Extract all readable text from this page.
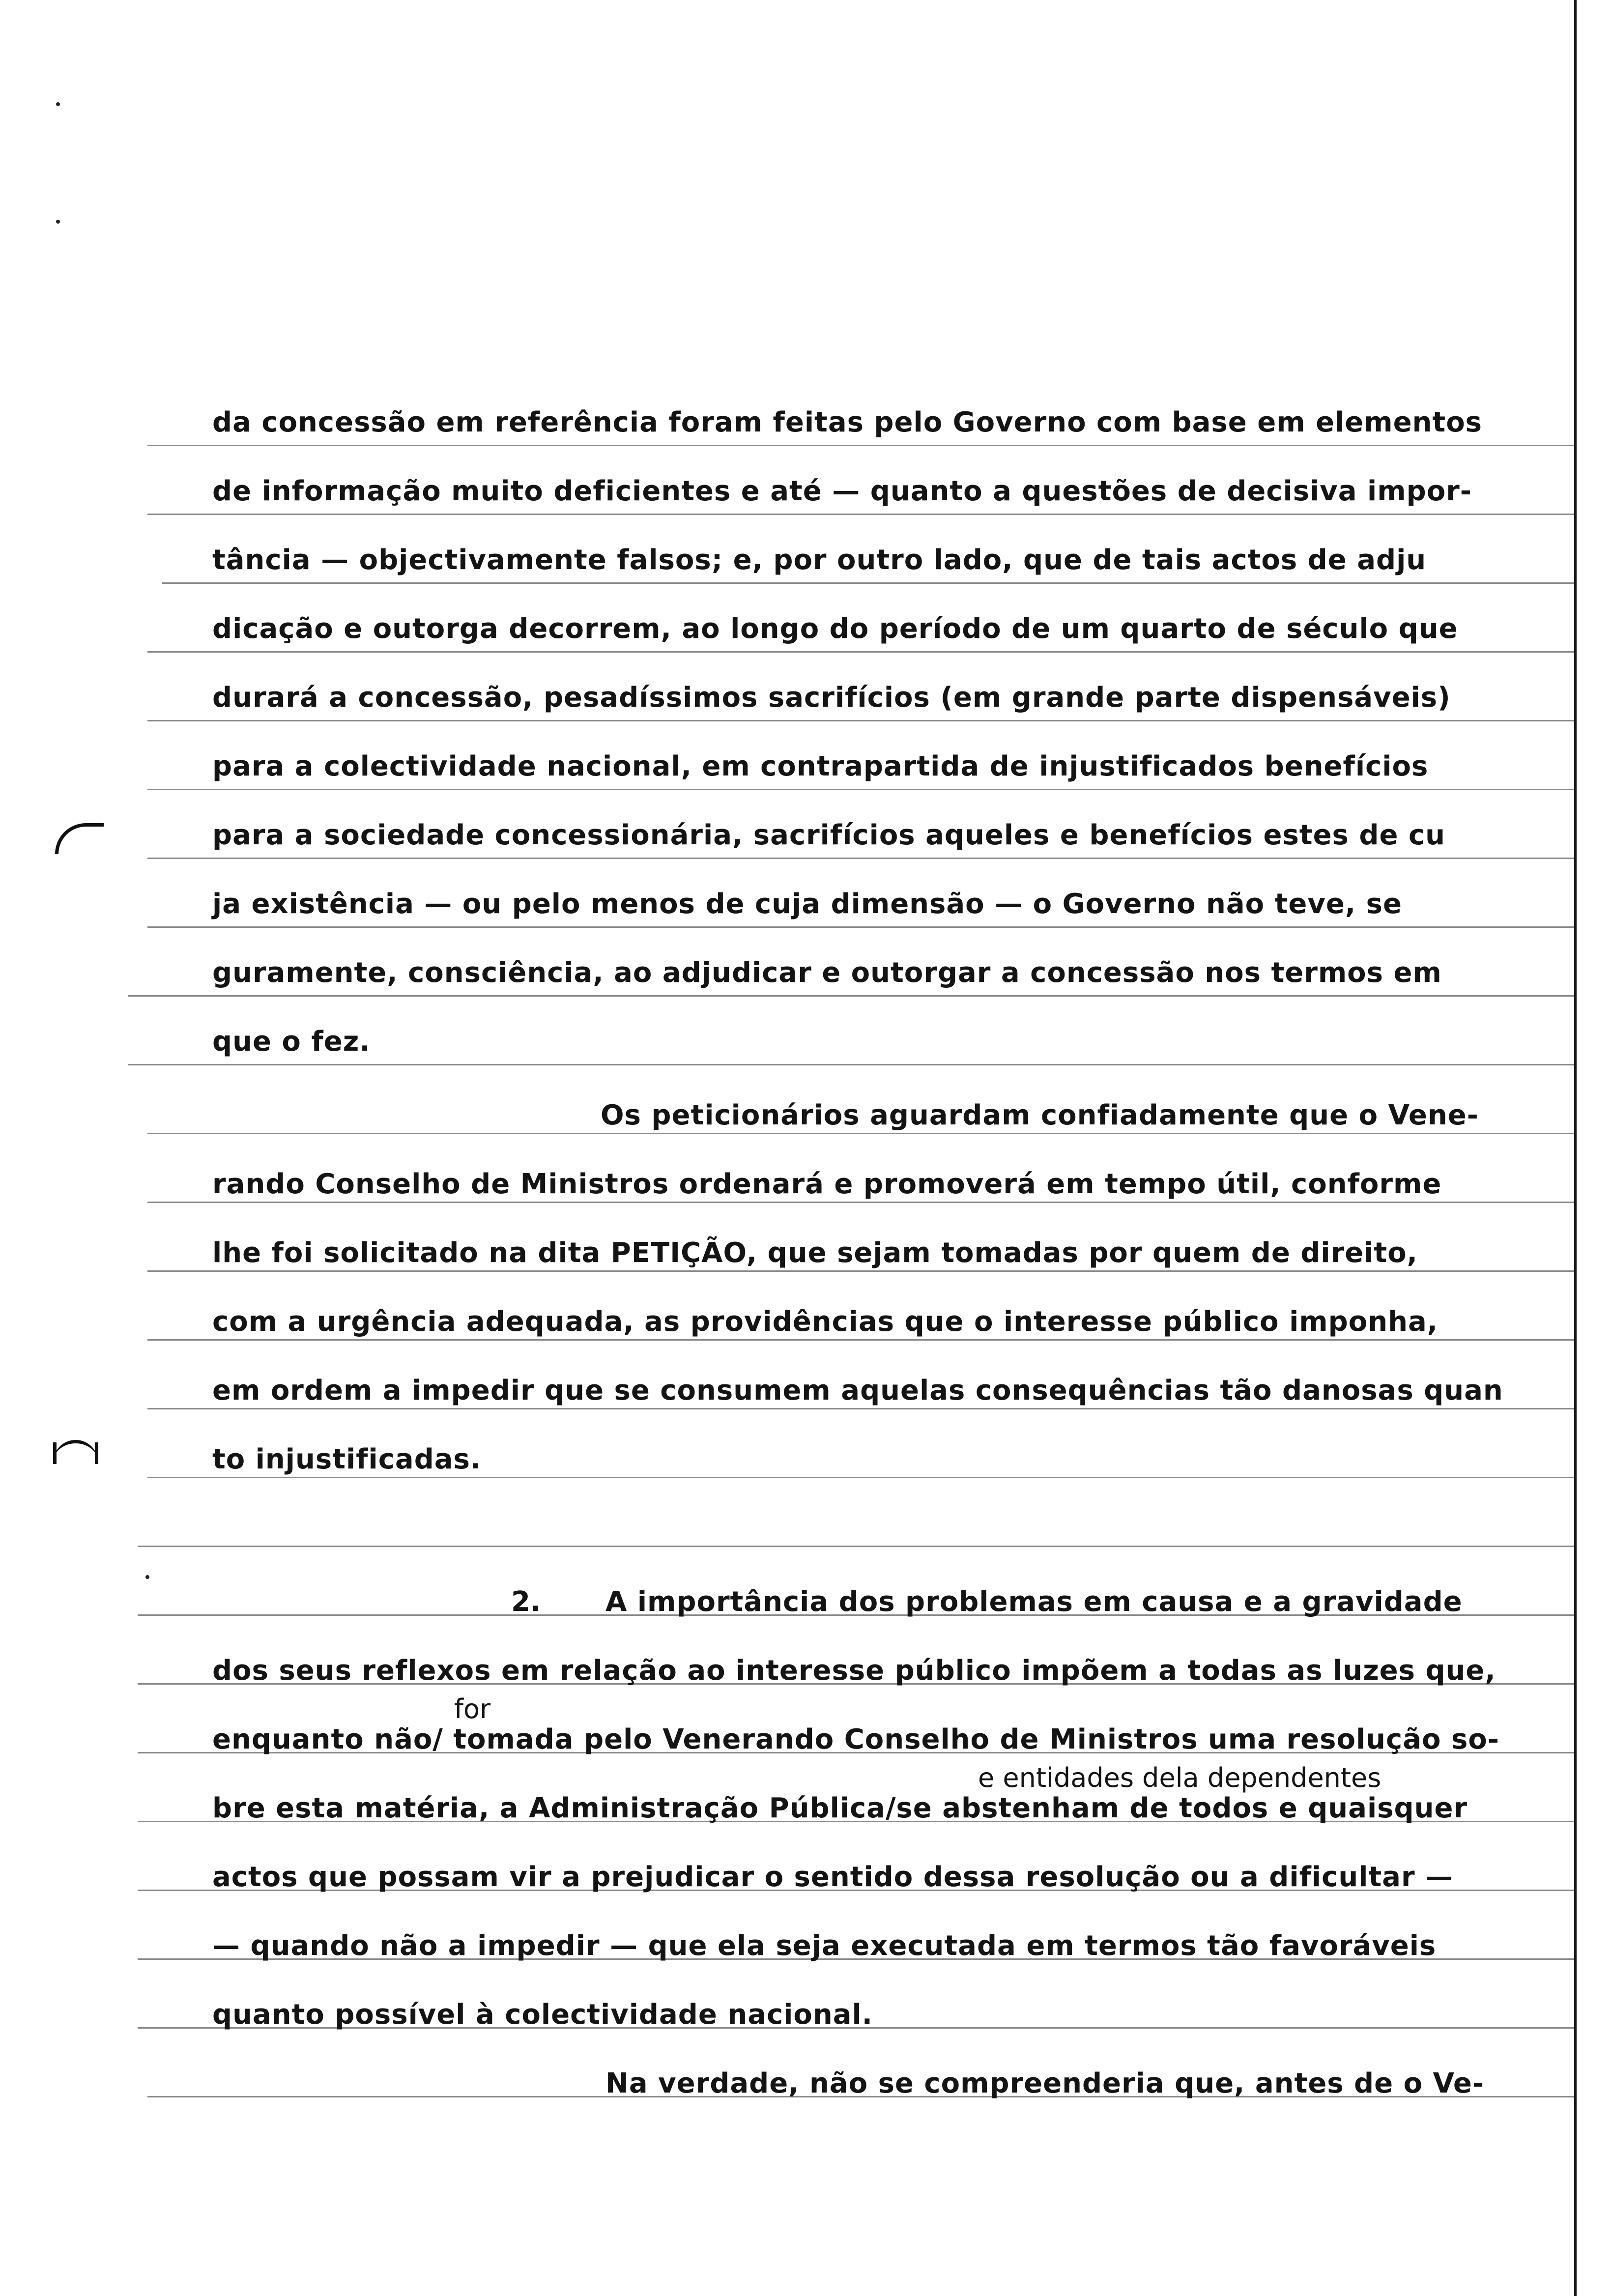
da concessão em referência foram feitas pelo Governo com base em elementos
de informação muito deficientes e até — quanto a questões de decisiva impor-
tância — objectivamente falsos; e, por outro lado, que de tais actos de adju
dicação e outorga decorrem, ao longo do período de um quarto de século que
durará a concessão, pesadíssimos sacrifícios (em grande parte dispensáveis)
para a colectividade nacional, em contrapartida de injustificados benefícios
para a sociedade concessionária, sacrifícios aqueles e benefícios estes de cu
ja existência — ou pelo menos de cuja dimensão — o Governo não teve, se
guramente, consciência, ao adjudicar e outorgar a concessão nos termos em
que o fez.
Os peticionários aguardam confiadamente que o Vene-
rando Conselho de Ministros ordenará e promoverá em tempo útil, conforme
lhe foi solicitado na dita PETIÇÃO, que sejam tomadas por quem de direito,
com a urgência adequada, as providências que o interesse público imponha,
em ordem a impedir que se consumem aquelas consequências tão danosas quan
to injustificadas.
2. A importância dos problemas em causa e a gravidade
dos seus reflexos em relação ao interesse público impõem a todas as luzes que,
for
enquanto não/ tomada pelo Venerando Conselho de Ministros uma resolução so-
e entidades dela dependentes
bre esta matéria, a Administração Pública/se abstenham de todos e quaisquer
actos que possam vir a prejudicar o sentido dessa resolução ou a dificultar —
— quando não a impedir — que ela seja executada em termos tão favoráveis
quanto possível à colectividade nacional.
Na verdade, não se compreenderia que, antes de o Ve-
